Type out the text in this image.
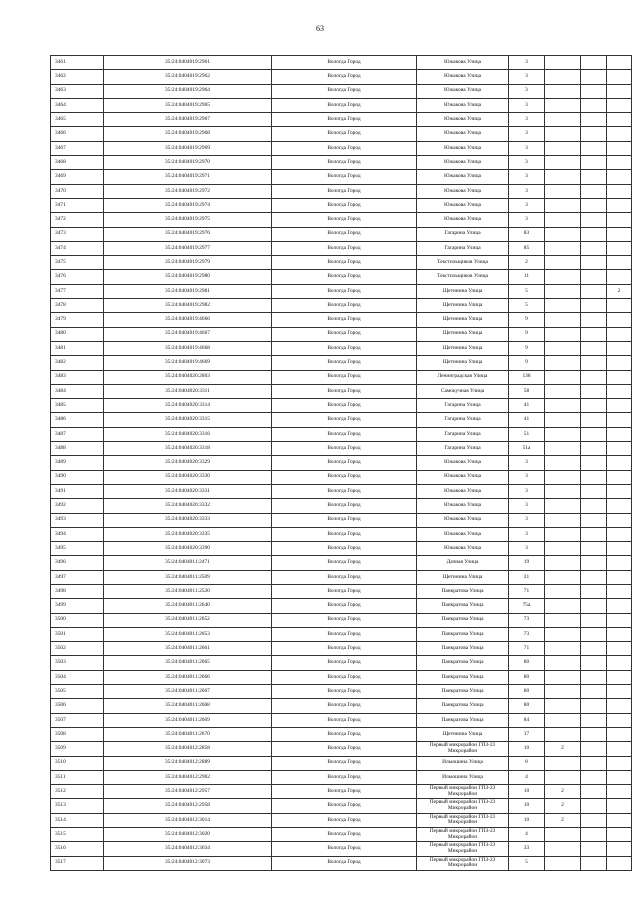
63
3461	35:24:0404019:2961	Вологда Город	Южакова Улица	3			
3462	35:24:0404019:2962	Вологда Город	Южакова Улица	3			
3463	35:24:0404019:2964	Вологда Город	Южакова Улица	3			
3464	35:24:0404019:2965	Вологда Город	Южакова Улица	3			
3465	35:24:0404019:2967	Вологда Город	Южакова Улица	3			
3466	35:24:0404019:2968	Вологда Город	Южакова Улица	3			
3467	35:24:0404019:2969	Вологда Город	Южакова Улица	3			
3468	35:24:0404019:2970	Вологда Город	Южакова Улица	3			
3469	35:24:0404019:2971	Вологда Город	Южакова Улица	3			
3470	35:24:0404019:2972	Вологда Город	Южакова Улица	3			
3471	35:24:0404019:2974	Вологда Город	Южакова Улица	3			
3472	35:24:0404019:2975	Вологда Город	Южакова Улица	3			
3473	35:24:0404019:2976	Вологда Город	Гагарина Улица	83			
3474	35:24:0404019:2977	Вологда Город	Гагарина Улица	85			
3475	35:24:0404019:2979	Вологда Город	Текстильщиков Улица	2			
3476	35:24:0404019:2980	Вологда Город	Текстильщиков Улица	11			
3477	35:24:0404019:2981	Вологда Город	Щетинина Улица	5			2
3478	35:24:0404019:2982	Вологда Город	Щетинина Улица	5			
3479	35:24:0404019:4666	Вологда Город	Щетинина Улица	9			
3480	35:24:0404019:4667	Вологда Город	Щетинина Улица	9			
3481	35:24:0404019:4668	Вологда Город	Щетинина Улица	9			
3482	35:24:0404019:4669	Вологда Город	Щетинина Улица	9			
3483	35:24:0404020:2803	Вологда Город	Ленинградская Улица	138			
3484	35:24:0404020:3311	Вологда Город	Самокучная Улица	58			
3485	35:24:0404020:3314	Вологда Город	Гагарина Улица	41			
3486	35:24:0404020:3315	Вологда Город	Гагарина Улица	41			
3487	35:24:0404020:3316	Вологда Город	Гагарина Улица	51			
3488	35:24:0404020:3318	Вологда Город	Гагарина Улица	51а			
3489	35:24:0404020:3329	Вологда Город	Южакова Улица	3			
3490	35:24:0404020:3330	Вологда Город	Южакова Улица	3			
3491	35:24:0404020:3331	Вологда Город	Южакова Улица	3			
3492	35:24:0404020:3332	Вологда Город	Южакова Улица	3			
3493	35:24:0404020:3333	Вологда Город	Южакова Улица	3			
3494	35:24:0404020:3335	Вологда Город	Южакова Улица	3			
3495	35:24:0404020:3390	Вологда Город	Южакова Улица	3			
3496	35:24:0404011:2471	Вологда Город	Дачная Улица	19			
3497	35:24:0404011:2509	Вологда Город	Щетинина Улица	21			
3498	35:24:0404011:2520	Вологда Город	Панкратова Улица	71			
3499	35:24:0404011:2640	Вологда Город	Панкратова Улица	75а			
3500	35:24:0404011:2652	Вологда Город	Панкратова Улица	73			
3501	35:24:0404011:2653	Вологда Город	Панкратова Улица	73			
3502	35:24:0404011:2661	Вологда Город	Панкратова Улица	71			
3503	35:24:0404011:2665	Вологда Город	Панкратова Улица	80			
3504	35:24:0404011:2666	Вологда Город	Панкратова Улица	80			
3505	35:24:0404011:2667	Вологда Город	Панкратова Улица	80			
3506	35:24:0404011:2668	Вологда Город	Панкратова Улица	80			
3507	35:24:0404011:2669	Вологда Город	Панкратова Улица	84			
3508	35:24:0404011:2670	Вологда Город	Щетинина Улица	17			
3509	35:24:0404012:2858	Вологда Город	Первый микрорайон ГПЗ-23 Микрорайон	10	2		
3510	35:24:0404012:2889	Вологда Город	Ильюшина Улица	8			
3511	35:24:0404012:2902	Вологда Город	Ильюшина Улица	4			
3512	35:24:0404012:2957	Вологда Город	Первый микрорайон ГПЗ-23 Микрорайон	10	2		
3513	35:24:0404012:2958	Вологда Город	Первый микрорайон ГПЗ-23 Микрорайон	10	2		
3514	35:24:0404012:3014	Вологда Город	Первый микрорайон ГПЗ-23 Микрорайон	10	2		
3515	35:24:0404012:3020	Вологда Город	Первый микрорайон ГПЗ-23 Микрорайон	4			
3516	35:24:0404012:3034	Вологда Город	Первый микрорайон ГПЗ-23 Микрорайон	33			
3517	35:24:0404012:3073	Вологда Город	Первый микрорайон ГПЗ-23 Микрорайон	5			
